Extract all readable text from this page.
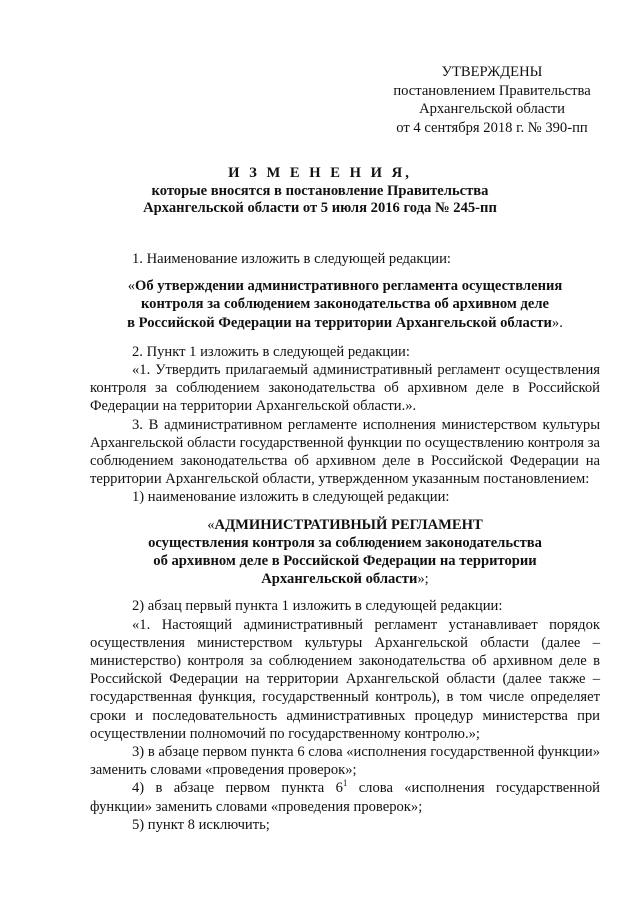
УТВЕРЖДЕНЫ
постановлением Правительства
Архангельской области
от 4 сентября 2018 г. № 390-пп
И З М Е Н Е Н И Я,
которые вносятся в постановление Правительства
Архангельской области от 5 июля 2016 года № 245-пп

1. Наименование изложить в следующей редакции:

«Об утверждении административного регламента осуществления
контроля за соблюдением законодательства об архивном деле
в Российской Федерации на территории Архангельской области».

2. Пункт 1 изложить в следующей редакции:

«1. Утвердить прилагаемый административный регламент осуществления контроля за соблюдением законодательства об архивном деле в Российской Федерации на территории Архангельской области.».

3. В административном регламенте исполнения министерством культуры Архангельской области государственной функции по осуществлению контроля за соблюдением законодательства об архивном деле в Российской Федерации на территории Архангельской области, утвержденном указанным постановлением:

1) наименование изложить в следующей редакции:

«АДМИНИСТРАТИВНЫЙ РЕГЛАМЕНТ
осуществления контроля за соблюдением законодательства
об архивном деле в Российской Федерации на территории
Архангельской области»;

2) абзац первый пункта 1 изложить в следующей редакции:

«1. Настоящий административный регламент устанавливает порядок осуществления министерством культуры Архангельской области (далее – министерство) контроля за соблюдением законодательства об архивном деле в Российской Федерации на территории Архангельской области (далее также – государственная функция, государственный контроль), в том числе определяет сроки и последовательность административных процедур министерства при осуществлении полномочий по государственному контролю.»;

3) в абзаце первом пункта 6 слова «исполнения государственной функции» заменить словами «проведения проверок»;

4) в абзаце первом пункта $6^1$ слова «исполнения государственной функции» заменить словами «проведения проверок»;

5) пункт 8 исключить;
